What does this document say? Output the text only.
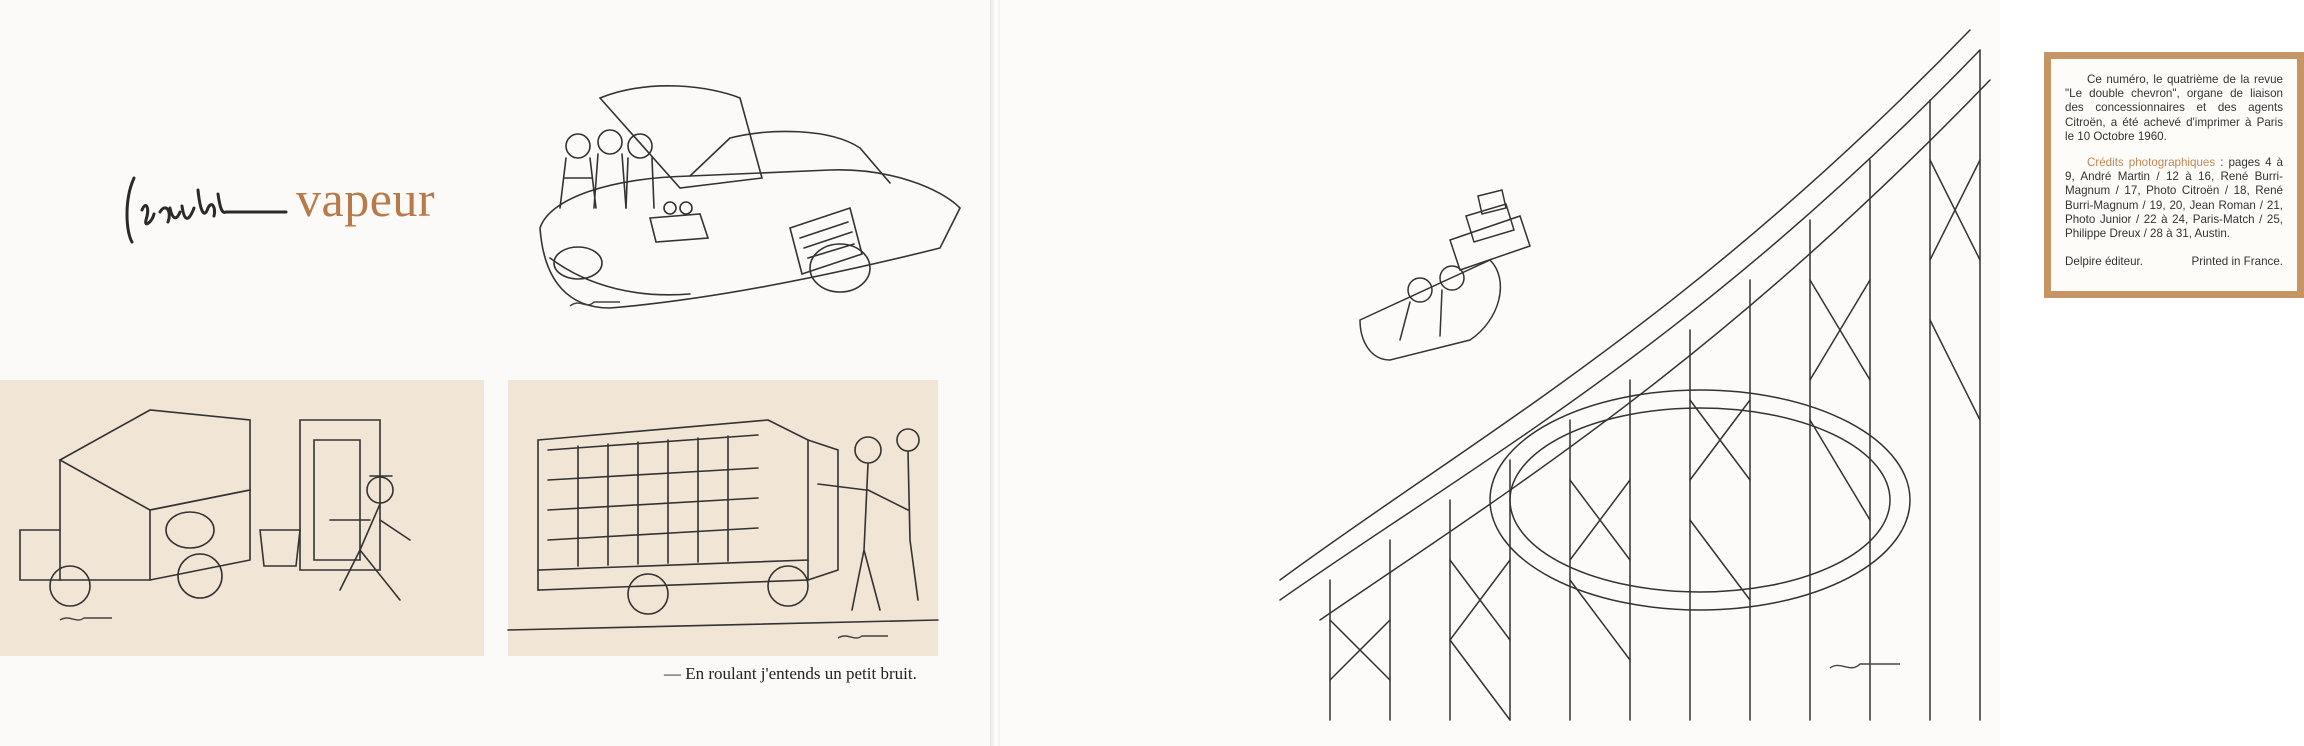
vapeur
— En roulant j'entends un petit bruit.

Ce numéro, le quatrième de la revue "Le double chevron", organe de liaison des concessionnaires et des agents Citroën, a été achevé d'imprimer à Paris le 10 Octobre 1960.

Crédits photographiques : pages 4 à 9, André Martin / 12 à 16, René Burri-Magnum / 17, Photo Citroën / 18, René Burri-Magnum / 19, 20, Jean Roman / 21, Photo Junior / 22 à 24, Paris-Match / 25, Philippe Dreux / 28 à 31, Austin.

Delpire éditeur.	Printed in France.
